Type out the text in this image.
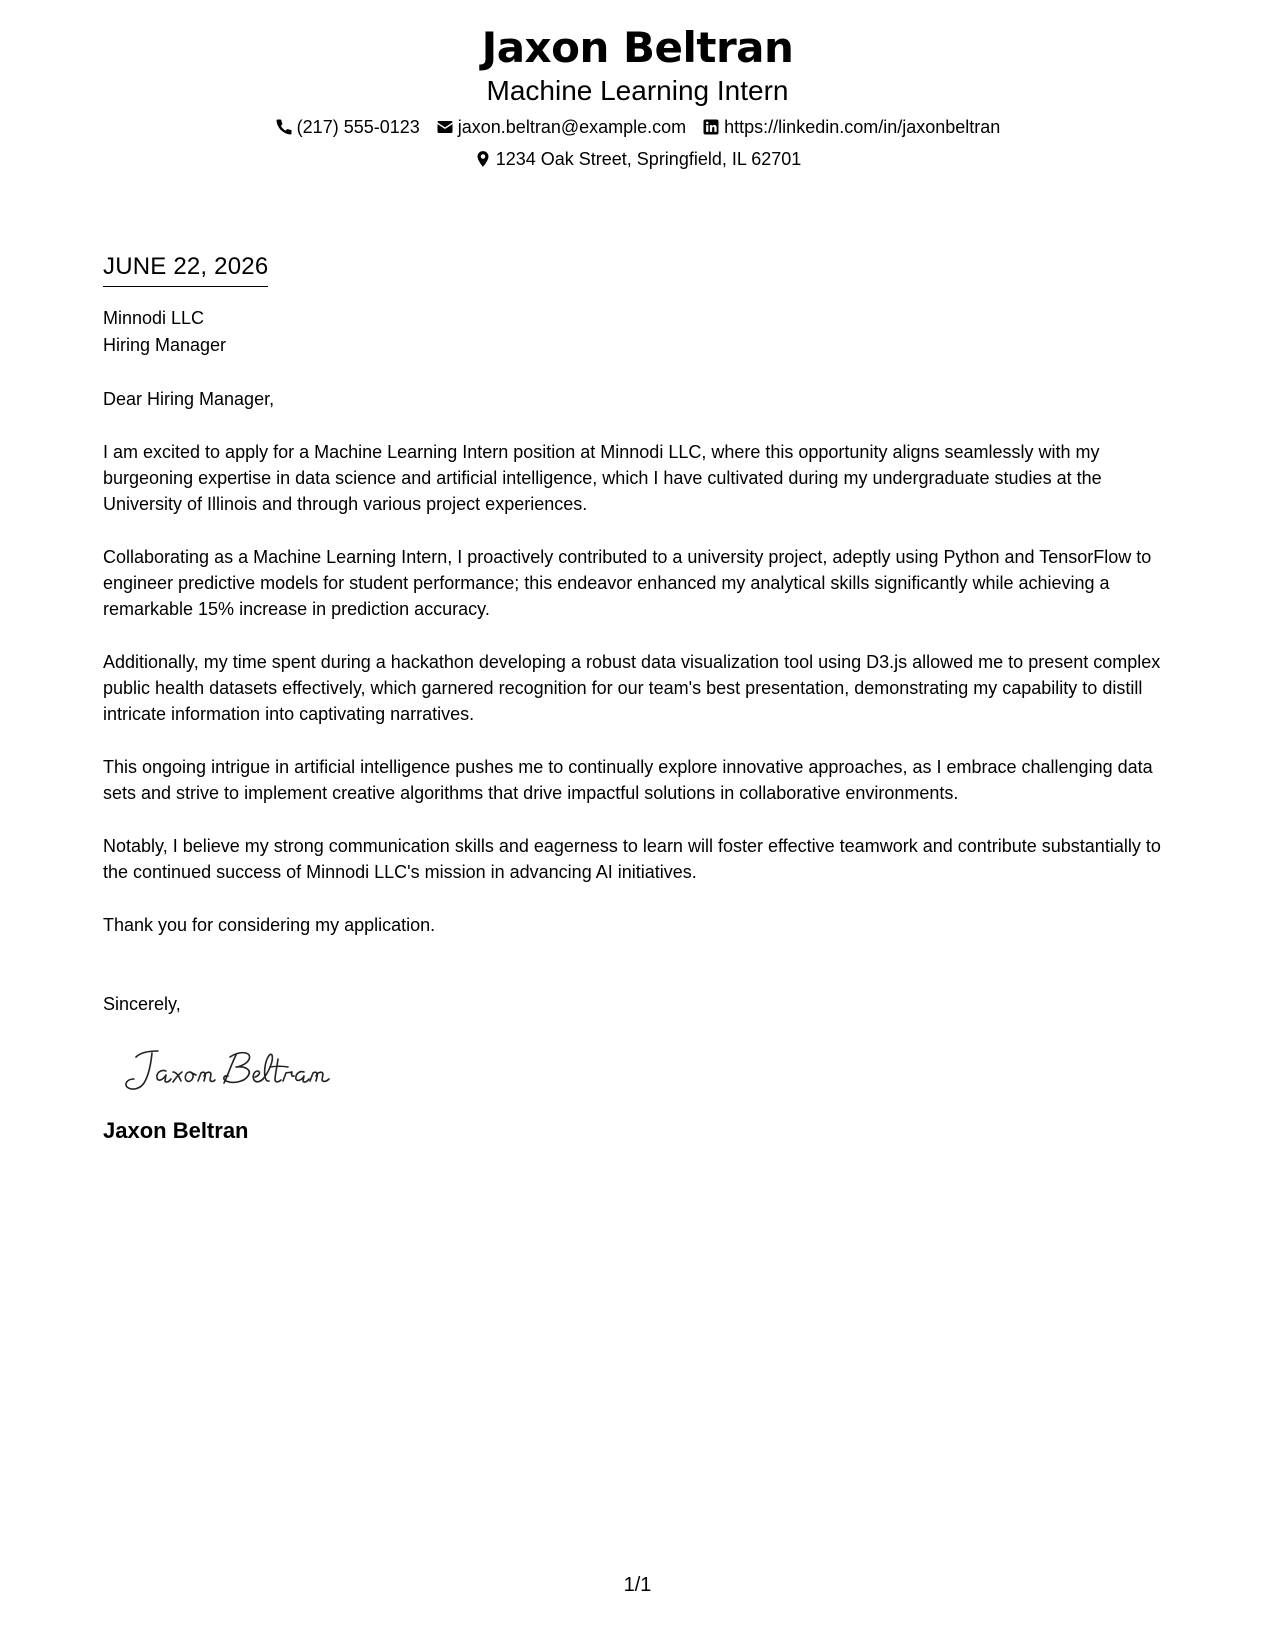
Jaxon Beltran
Machine Learning Intern
(217) 555-0123 jaxon.beltran@example.com https://linkedin.com/in/jaxonbeltran
1234 Oak Street, Springfield, IL 62701
JUNE 22, 2026
Minnodi LLC
Hiring Manager
Dear Hiring Manager,
I am excited to apply for a Machine Learning Intern position at Minnodi LLC, where this opportunity aligns seamlessly with my burgeoning expertise in data science and artificial intelligence, which I have cultivated during my undergraduate studies at the University of Illinois and through various project experiences.
Collaborating as a Machine Learning Intern, I proactively contributed to a university project, adeptly using Python and TensorFlow to engineer predictive models for student performance; this endeavor enhanced my analytical skills significantly while achieving a remarkable 15% increase in prediction accuracy.
Additionally, my time spent during a hackathon developing a robust data visualization tool using D3.js allowed me to present complex public health datasets effectively, which garnered recognition for our team's best presentation, demonstrating my capability to distill intricate information into captivating narratives.
This ongoing intrigue in artificial intelligence pushes me to continually explore innovative approaches, as I embrace challenging data sets and strive to implement creative algorithms that drive impactful solutions in collaborative environments.
Notably, I believe my strong communication skills and eagerness to learn will foster effective teamwork and contribute substantially to the continued success of Minnodi LLC's mission in advancing AI initiatives.
Thank you for considering my application.
Sincerely,
Jaxon Beltran
1/1
